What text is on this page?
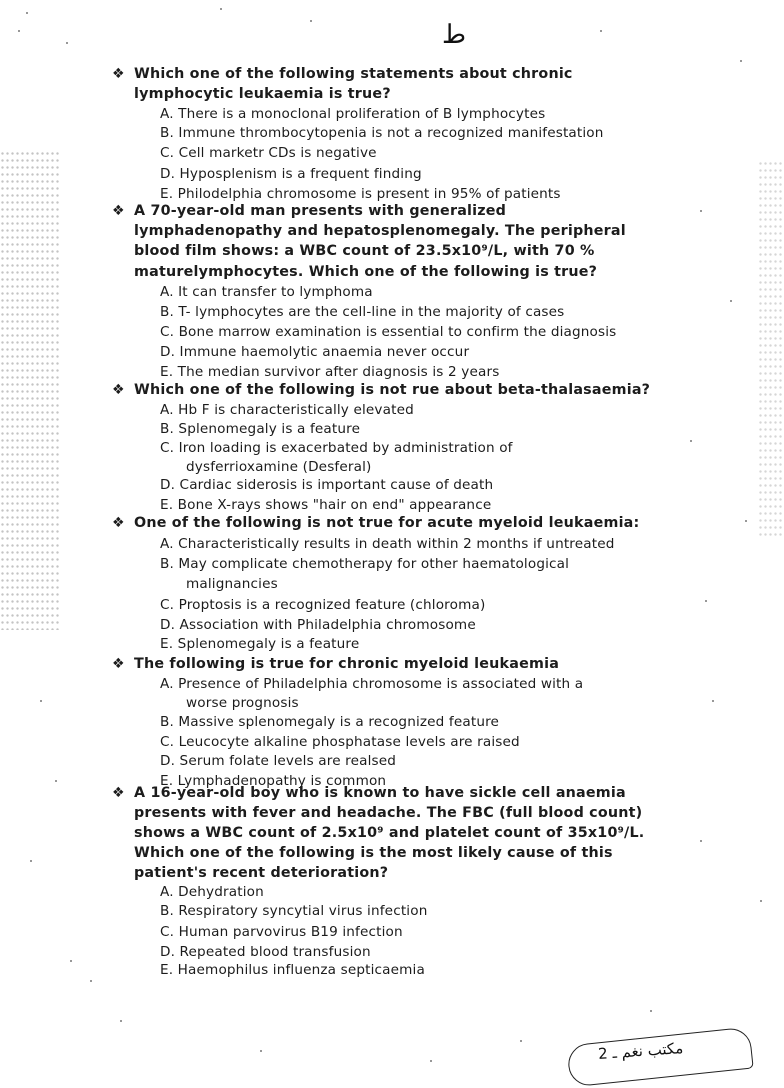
ط
❖ Which one of the following statements about chronic
lymphocytic leukaemia is true?
A. There is a monoclonal proliferation of B lymphocytes
B. Immune thrombocytopenia is not a recognized manifestation
C. Cell marketr CDs is negative
D. Hyposplenism is a frequent finding
E. Philodelphia chromosome is present in 95% of patients
❖ A 70-year-old man presents with generalized
lymphadenopathy and hepatosplenomegaly. The peripheral
blood film shows: a WBC count of 23.5x10⁹/L, with 70 %
maturelymphocytes. Which one of the following is true?
A. It can transfer to lymphoma
B. T- lymphocytes are the cell-line in the majority of cases
C. Bone marrow examination is essential to confirm the diagnosis
D. Immune haemolytic anaemia never occur
E. The median survivor after diagnosis is 2 years
❖ Which one of the following is not rue about beta-thalasaemia?
A. Hb F is characteristically elevated
B. Splenomegaly is a feature
C. Iron loading is exacerbated by administration of
dysferrioxamine (Desferal)
D. Cardiac siderosis is important cause of death
E. Bone X-rays shows "hair on end" appearance
❖ One of the following is not true for acute myeloid leukaemia:
A. Characteristically results in death within 2 months if untreated
B. May complicate chemotherapy for other haematological
malignancies
C. Proptosis is a recognized feature (chloroma)
D. Association with Philadelphia chromosome
E. Splenomegaly is a feature
❖ The following is true for chronic myeloid leukaemia
A. Presence of Philadelphia chromosome is associated with a
worse prognosis
B. Massive splenomegaly is a recognized feature
C. Leucocyte alkaline phosphatase levels are raised
D. Serum folate levels are realsed
E. Lymphadenopathy is common
❖ A 16-year-old boy who is known to have sickle cell anaemia
presents with fever and headache. The FBC (full blood count)
shows a WBC count of 2.5x10⁹ and platelet count of 35x10⁹/L.
Which one of the following is the most likely cause of this
patient's recent deterioration?
A. Dehydration
B. Respiratory syncytial virus infection
C. Human parvovirus B19 infection
D. Repeated blood transfusion
E. Haemophilus influenza septicaemia
مكتب نغم ـ 2
